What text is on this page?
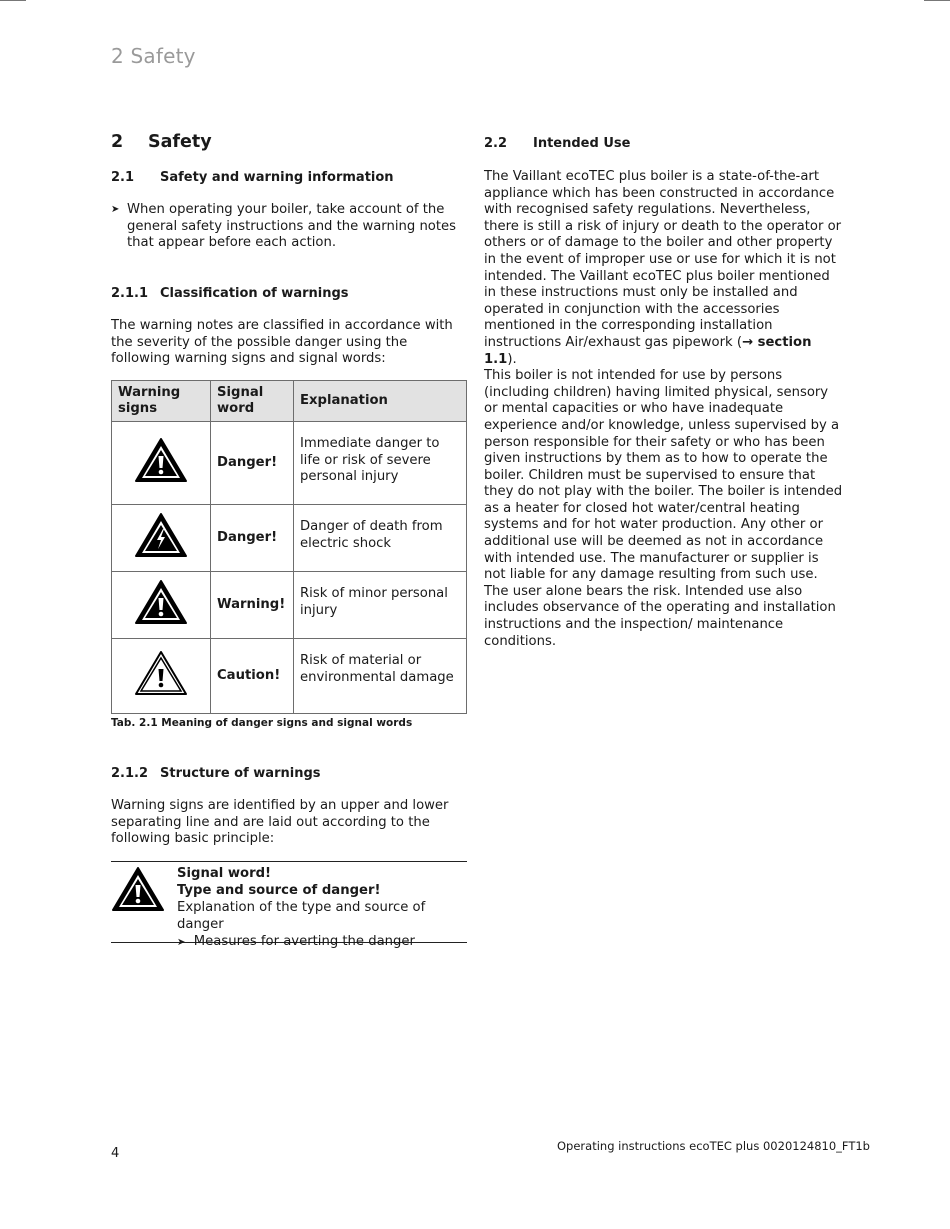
2 Safety
2 Safety
2.1 Safety and warning information
➤ When operating your boiler, take account of the general safety instructions and the warning notes that appear before each action.
2.1.1 Classification of warnings
The warning notes are classified in accordance with the severity of the possible danger using the following warning signs and signal words:
Warning signs	Signal word	Explanation
	Danger!	Immediate danger to life or risk of severe personal injury
	Danger!	Danger of death from electric shock
	Warning!	Risk of minor personal injury
	Caution!	Risk of material or environmental damage
Tab. 2.1 Meaning of danger signs and signal words
2.1.2 Structure of warnings
Warning signs are identified by an upper and lower separating line and are laid out according to the following basic principle:
Signal word!
Type and source of danger!
Explanation of the type and source of danger
➤ Measures for averting the danger
2.2 Intended Use
The Vaillant ecoTEC plus boiler is a state-of-the-art appliance which has been constructed in accordance with recognised safety regulations. Nevertheless, there is still a risk of injury or death to the operator or others or of damage to the boiler and other property in the event of improper use or use for which it is not intended. The Vaillant ecoTEC plus boiler mentioned in these instructions must only be installed and operated in conjunction with the accessories mentioned in the corresponding installation instructions Air/exhaust gas pipework (→ section 1.1).
This boiler is not intended for use by persons (including children) having limited physical, sensory or mental capacities or who have inadequate experience and/or knowledge, unless supervised by a person responsible for their safety or who has been given instructions by them as to how to operate the boiler. Children must be supervised to ensure that they do not play with the boiler. The boiler is intended as a heater for closed hot water/central heating systems and for hot water production. Any other or additional use will be deemed as not in accordance with intended use. The manufacturer or supplier is not liable for any damage resulting from such use. The user alone bears the risk. Intended use also includes observance of the operating and installation instructions and the inspection/ maintenance conditions.
4	Operating instructions ecoTEC plus 0020124810_FT1b
